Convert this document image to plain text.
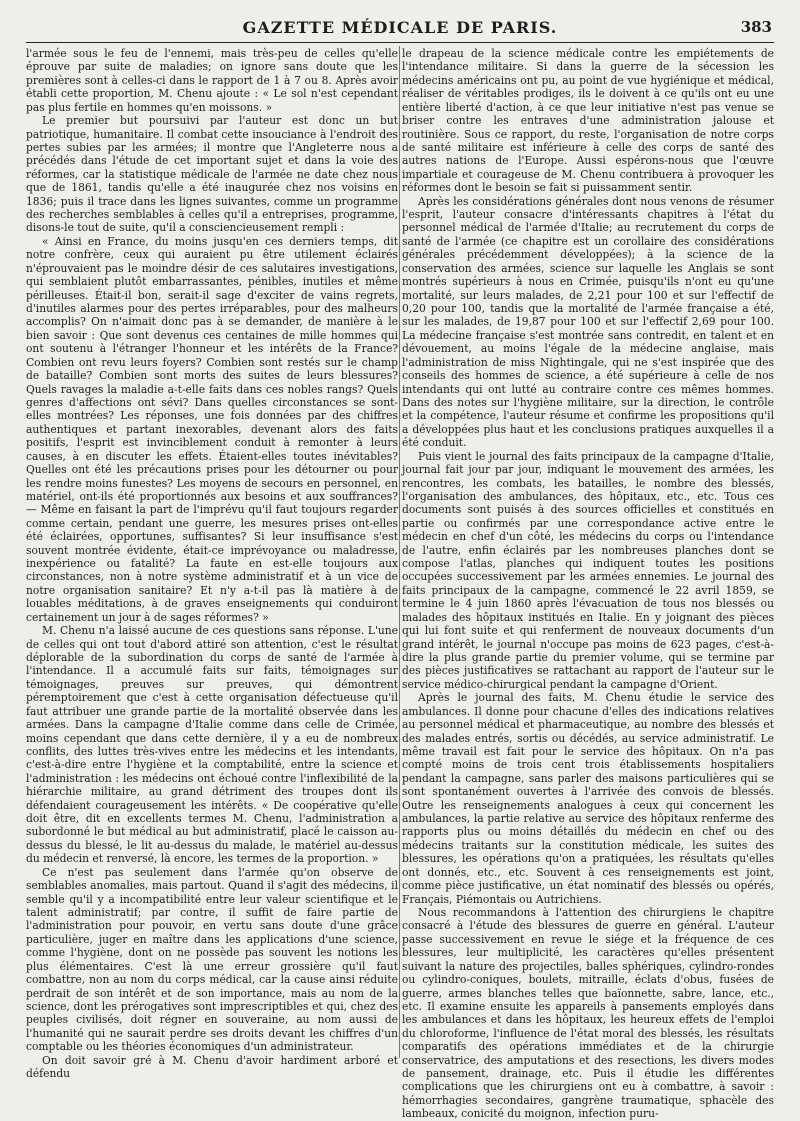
GAZETTE MÉDICALE DE PARIS.	383

l'armée sous le feu de l'ennemi, mais très-peu de celles qu'elle éprouve par suite de maladies; on ignore sans doute que les premières sont à celles-ci dans le rapport de 1 à 7 ou 8. Après avoir établi cette proportion, M. Chenu ajoute : « Le sol n'est cependant pas plus fertile en hommes qu'en moissons. »

Le premier but poursuivi par l'auteur est donc un but patriotique, humanitaire. Il combat cette insouciance à l'endroit des pertes subies par les armées; il montre que l'Angleterre nous a précédés dans l'étude de cet important sujet et dans la voie des réformes, car la statistique médicale de l'armée ne date chez nous que de 1861, tandis qu'elle a été inaugurée chez nos voisins en 1836; puis il trace dans les lignes suivantes, comme un programme des recherches semblables à celles qu'il a entreprises, programme, disons-le tout de suite, qu'il a consciencieusement rempli :

« Ainsi en France, du moins jusqu'en ces derniers temps, dit notre confrère, ceux qui auraient pu être utilement éclairés n'éprouvaient pas le moindre désir de ces salutaires investigations, qui semblaient plutôt embarrassantes, pénibles, inutiles et même périlleuses. Était-il bon, serait-il sage d'exciter de vains regrets, d'inutiles alarmes pour des pertes irréparables, pour des malheurs accomplis? On n'aimait donc pas à se demander, de manière à le bien savoir : Que sont devenus ces centaines de mille hommes qui ont soutenu à l'étranger l'honneur et les intérêts de la France? Combien ont revu leurs foyers? Combien sont restés sur le champ de bataille? Combien sont morts des suites de leurs blessures? Quels ravages la maladie a-t-elle faits dans ces nobles rangs? Quels genres d'affections ont sévi? Dans quelles circonstances se sont-elles montrées? Les réponses, une fois données par des chiffres authentiques et partant inexorables, devenant alors des faits positifs, l'esprit est invinciblement conduit à remonter à leurs causes, à en discuter les effets. Étaient-elles toutes inévitables? Quelles ont été les précautions prises pour les détourner ou pour les rendre moins funestes? Les moyens de secours en personnel, en matériel, ont-ils été proportionnés aux besoins et aux souffrances? — Même en faisant la part de l'imprévu qu'il faut toujours regarder comme certain, pendant une guerre, les mesures prises ont-elles été éclairées, opportunes, suffisantes? Si leur insuffisance s'est souvent montrée évidente, était-ce imprévoyance ou maladresse, inexpérience ou fatalité? La faute en est-elle toujours aux circonstances, non à notre système administratif et à un vice de notre organisation sanitaire? Et n'y a-t-il pas là matière à de louables méditations, à de graves enseignements qui conduiront certainement un jour à de sages réformes? »

M. Chenu n'a laissé aucune de ces questions sans réponse. L'une de celles qui ont tout d'abord attiré son attention, c'est le résultat déplorable de la subordination du corps de santé de l'armée à l'intendance. Il a accumulé faits sur faits, témoignages sur témoignages, preuves sur preuves, qui démontrent péremptoirement que c'est à cette organisation défectueuse qu'il faut attribuer une grande partie de la mortalité observée dans les armées. Dans la campagne d'Italie comme dans celle de Crimée, moins cependant que dans cette dernière, il y a eu de nombreux conflits, des luttes très-vives entre les médecins et les intendants, c'est-à-dire entre l'hygiène et la comptabilité, entre la science et l'administration : les médecins ont échoué contre l'inflexibilité de la hiérarchie militaire, au grand détriment des troupes dont ils défendaient courageusement les intérêts. « De coopérative qu'elle doit être, dit en excellents termes M. Chenu, l'administration a subordonné le but médical au but administratif, placé le caisson au-dessus du blessé, le lit au-dessus du malade, le matériel au-dessus du médecin et renversé, là encore, les termes de la proportion. »

Ce n'est pas seulement dans l'armée qu'on observe de semblables anomalies, mais partout. Quand il s'agit des médecins, il semble qu'il y a incompatibilité entre leur valeur scientifique et le talent administratif; par contre, il suffit de faire partie de l'administration pour pouvoir, en vertu sans doute d'une grâce particulière, juger en maître dans les applications d'une science, comme l'hygiène, dont on ne possède pas souvent les notions les plus élémentaires. C'est là une erreur grossière qu'il faut combattre, non au nom du corps médical, car la cause ainsi réduite perdrait de son intérêt et de son importance, mais au nom de la science, dont les prérogatives sont imprescriptibles et qui, chez des peuples civilisés, doit régner en souveraine, au nom aussi de l'humanité qui ne saurait perdre ses droits devant les chiffres d'un comptable ou les théories économiques d'un administrateur.

On doit savoir gré à M. Chenu d'avoir hardiment arboré et défendu

le drapeau de la science médicale contre les empiétements de l'intendance militaire. Si dans la guerre de la sécession les médecins américains ont pu, au point de vue hygiénique et médical, réaliser de véritables prodiges, ils le doivent à ce qu'ils ont eu une entière liberté d'action, à ce que leur initiative n'est pas venue se briser contre les entraves d'une administration jalouse et routinière. Sous ce rapport, du reste, l'organisation de notre corps de santé militaire est inférieure à celle des corps de santé des autres nations de l'Europe. Aussi espérons-nous que l'œuvre impartiale et courageuse de M. Chenu contribuera à provoquer les réformes dont le besoin se fait si puissamment sentir.

Après les considérations générales dont nous venons de résumer l'esprit, l'auteur consacre d'intéressants chapitres à l'état du personnel médical de l'armée d'Italie; au recrutement du corps de santé de l'armée (ce chapitre est un corollaire des considérations générales précédemment développées); à la science de la conservation des armées, science sur laquelle les Anglais se sont montrés supérieurs à nous en Crimée, puisqu'ils n'ont eu qu'une mortalité, sur leurs malades, de 2,21 pour 100 et sur l'effectif de 0,20 pour 100, tandis que la mortalité de l'armée française a été, sur les malades, de 19,87 pour 100 et sur l'effectif 2,69 pour 100. La médecine française s'est montrée sans contredit, en talent et en dévouement, au moins l'égale de la médecine anglaise, mais l'administration de miss Nightingale, qui ne s'est inspirée que des conseils des hommes de science, a été supérieure à celle de nos intendants qui ont lutté au contraire contre ces mêmes hommes. Dans des notes sur l'hygiène militaire, sur la direction, le contrôle et la compétence, l'auteur résume et confirme les propositions qu'il a développées plus haut et les conclusions pratiques auxquelles il a été conduit.

Puis vient le journal des faits principaux de la campagne d'Italie, journal fait jour par jour, indiquant le mouvement des armées, les rencontres, les combats, les batailles, le nombre des blessés, l'organisation des ambulances, des hôpitaux, etc., etc. Tous ces documents sont puisés à des sources officielles et constitués en partie ou confirmés par une correspondance active entre le médecin en chef d'un côté, les médecins du corps ou l'intendance de l'autre, enfin éclairés par les nombreuses planches dont se compose l'atlas, planches qui indiquent toutes les positions occupées successivement par les armées ennemies. Le journal des faits principaux de la campagne, commencé le 22 avril 1859, se termine le 4 juin 1860 après l'évacuation de tous nos blessés ou malades des hôpitaux institués en Italie. En y joignant des pièces qui lui font suite et qui renferment de nouveaux documents d'un grand intérêt, le journal n'occupe pas moins de 623 pages, c'est-à-dire la plus grande partie du premier volume, qui se termine par des pièces justificatives se rattachant au rapport de l'auteur sur le service médico-chirurgical pendant la campagne d'Orient.

Après le journal des faits, M. Chenu étudie le service des ambulances. Il donne pour chacune d'elles des indications relatives au personnel médical et pharmaceutique, au nombre des blessés et des malades entrés, sortis ou décédés, au service administratif. Le même travail est fait pour le service des hôpitaux. On n'a pas compté moins de trois cent trois établissements hospitaliers pendant la campagne, sans parler des maisons particulières qui se sont spontanément ouvertes à l'arrivée des convois de blessés. Outre les renseignements analogues à ceux qui concernent les ambulances, la partie relative au service des hôpitaux renferme des rapports plus ou moins détaillés du médecin en chef ou des médecins traitants sur la constitution médicale, les suites des blessures, les opérations qu'on a pratiquées, les résultats qu'elles ont donnés, etc., etc. Souvent à ces renseignements est joint, comme pièce justificative, un état nominatif des blessés ou opérés, Français, Piémontais ou Autrichiens.

Nous recommandons à l'attention des chirurgiens le chapitre consacré à l'étude des blessures de guerre en général. L'auteur passe successivement en revue le siége et la fréquence de ces blessures, leur multiplicité, les caractères qu'elles présentent suivant la nature des projectiles, balles sphériques, cylindro-rondes ou cylindro-coniques, boulets, mitraille, éclats d'obus, fusées de guerre, armes blanches telles que baïonnette, sabre, lance, etc., etc. Il examine ensuite les appareils à pansements employés dans les ambulances et dans les hôpitaux, les heureux effets de l'emploi du chloroforme, l'influence de l'état moral des blessés, les résultats comparatifs des opérations immédiates et de la chirurgie conservatrice, des amputations et des resections, les divers modes de pansement, drainage, etc. Puis il étudie les différentes complications que les chirurgiens ont eu à combattre, à savoir : hémorrhagies secondaires, gangrène traumatique, sphacèle des lambeaux, conicité du moignon, infection puru-
